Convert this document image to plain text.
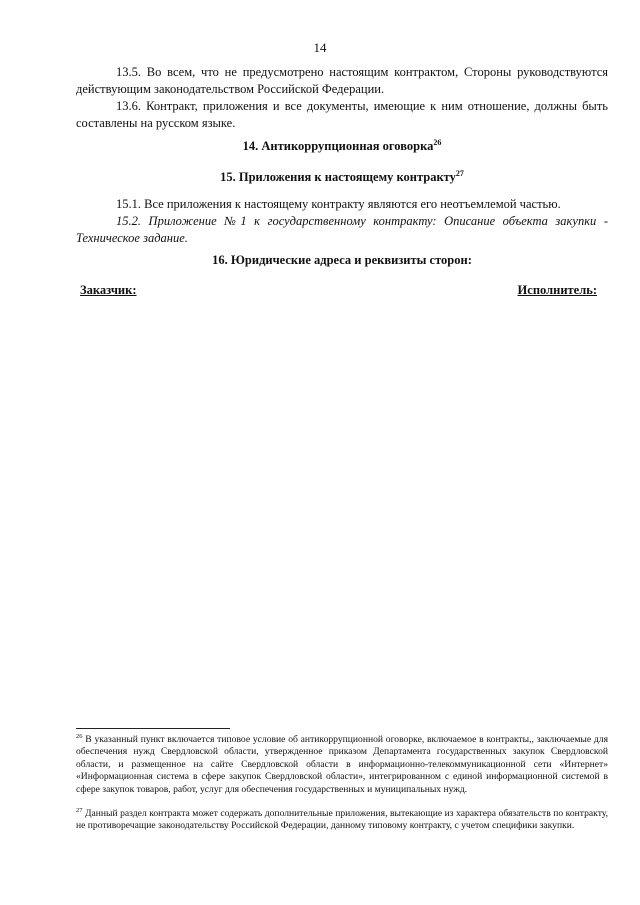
14

13.5. Во всем, что не предусмотрено настоящим контрактом, Стороны руководствуются действующим законодательством Российской Федерации.

13.6. Контракт, приложения и все документы, имеющие к ним отношение, должны быть составлены на русском языке.

14. Антикоррупционная оговорка$^{26}$

15. Приложения к настоящему контракту$^{27}$

15.1. Все приложения к настоящему контракту являются его неотъемлемой частью.

15.2. Приложение №1 к государственному контракту: Описание объекта закупки - Техническое задание.

16. Юридические адреса и реквизиты сторон:

Заказчик:	Исполнитель:

$^{26}$ В указанный пункт включается типовое условие об антикоррупционной оговорке, включаемое в контракты,, заключаемые для обеспечения нужд Свердловской области, утвержденное приказом Департамента государственных закупок Свердловской области, и размещенное на сайте Свердловской области в информационно-телекоммуникационной сети «Интернет» «Информационная система в сфере закупок Свердловской области», интегрированном с единой информационной системой в сфере закупок товаров, работ, услуг для обеспечения государственных и муниципальных нужд.

$^{27}$ Данный раздел контракта может содержать дополнительные приложения, вытекающие из характера обязательств по контракту, не противоречащие законодательству Российской Федерации, данному типовому контракту, с учетом специфики закупки.
